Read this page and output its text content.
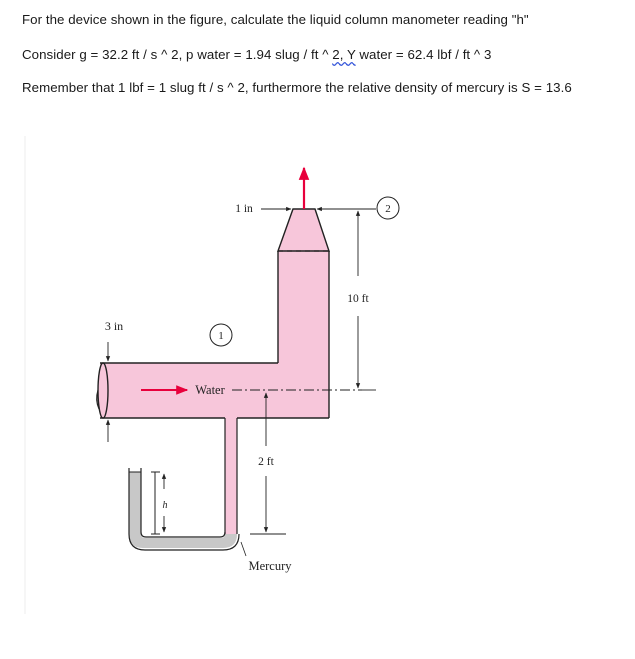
For the device shown in the figure, calculate the liquid column manometer reading "h"
Consider g = 32.2 ft / s ^ 2, p water = 1.94 slug / ft ^ 2, Y water = 62.4 lbf / ft ^ 3
Remember that 1 lbf = 1 slug ft / s ^ 2, furthermore the relative density of mercury is S = 13.6
h
Water
1
2
1 in
10 ft
2 ft
3 in
Mercury
